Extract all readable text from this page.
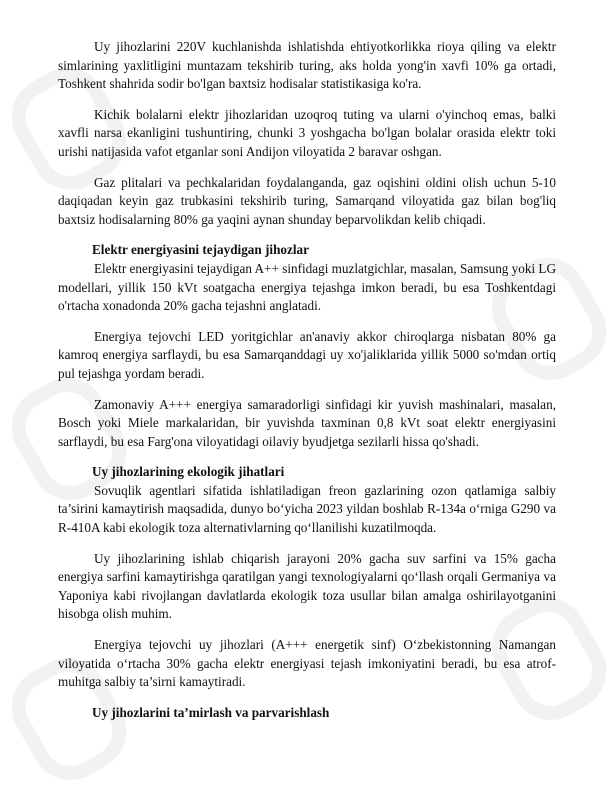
Uy jihozlarini 220V kuchlanishda ishlatishda ehtiyotkorlikka rioya qiling va elektr simlarining yaxlitligini muntazam tekshirib turing, aks holda yong'in xavfi 10% ga ortadi, Toshkent shahrida sodir bo'lgan baxtsiz hodisalar statistikasiga ko'ra.

Kichik bolalarni elektr jihozlaridan uzoqroq tuting va ularni o'yinchoq emas, balki xavfli narsa ekanligini tushuntiring, chunki 3 yoshgacha bo'lgan bolalar orasida elektr toki urishi natijasida vafot etganlar soni Andijon viloyatida 2 baravar oshgan.

Gaz plitalari va pechkalaridan foydalanganda, gaz oqishini oldini olish uchun 5-10 daqiqadan keyin gaz trubkasini tekshirib turing, Samarqand viloyatida gaz bilan bog'liq baxtsiz hodisalarning 80% ga yaqini aynan shunday beparvolikdan kelib chiqadi.

Elektr energiyasini tejaydigan jihozlar

Elektr energiyasini tejaydigan A++ sinfidagi muzlatgichlar, masalan, Samsung yoki LG modellari, yillik 150 kVt soatgacha energiya tejashga imkon beradi, bu esa Toshkentdagi o'rtacha xonadonda 20% gacha tejashni anglatadi.

Energiya tejovchi LED yoritgichlar an'anaviy akkor chiroqlarga nisbatan 80% ga kamroq energiya sarflaydi, bu esa Samarqanddagi uy xo'jaliklarida yillik 5000 so'mdan ortiq pul tejashga yordam beradi.

Zamonaviy A+++ energiya samaradorligi sinfidagi kir yuvish mashinalari, masalan, Bosch yoki Miele markalaridan, bir yuvishda taxminan 0,8 kVt soat elektr energiyasini sarflaydi, bu esa Farg'ona viloyatidagi oilaviy byudjetga sezilarli hissa qo'shadi.

Uy jihozlarining ekologik jihatlari

Sovuqlik agentlari sifatida ishlatiladigan freon gazlarining ozon qatlamiga salbiy ta’sirini kamaytirish maqsadida, dunyo bo‘yicha 2023 yildan boshlab R-134a o‘rniga G290 va R-410A kabi ekologik toza alternativlarning qo‘llanilishi kuzatilmoqda.

Uy jihozlarining ishlab chiqarish jarayoni 20% gacha suv sarfini va 15% gacha energiya sarfini kamaytirishga qaratilgan yangi texnologiyalarni qo‘llash orqali Germaniya va Yaponiya kabi rivojlangan davlatlarda ekologik toza usullar bilan amalga oshirilayotganini hisobga olish muhim.

Energiya tejovchi uy jihozlari (A+++ energetik sinf) O‘zbekistonning Namangan viloyatida o‘rtacha 30% gacha elektr energiyasi tejash imkoniyatini beradi, bu esa atrof-muhitga salbiy ta’sirni kamaytiradi.

Uy jihozlarini ta’mirlash va parvarishlash
